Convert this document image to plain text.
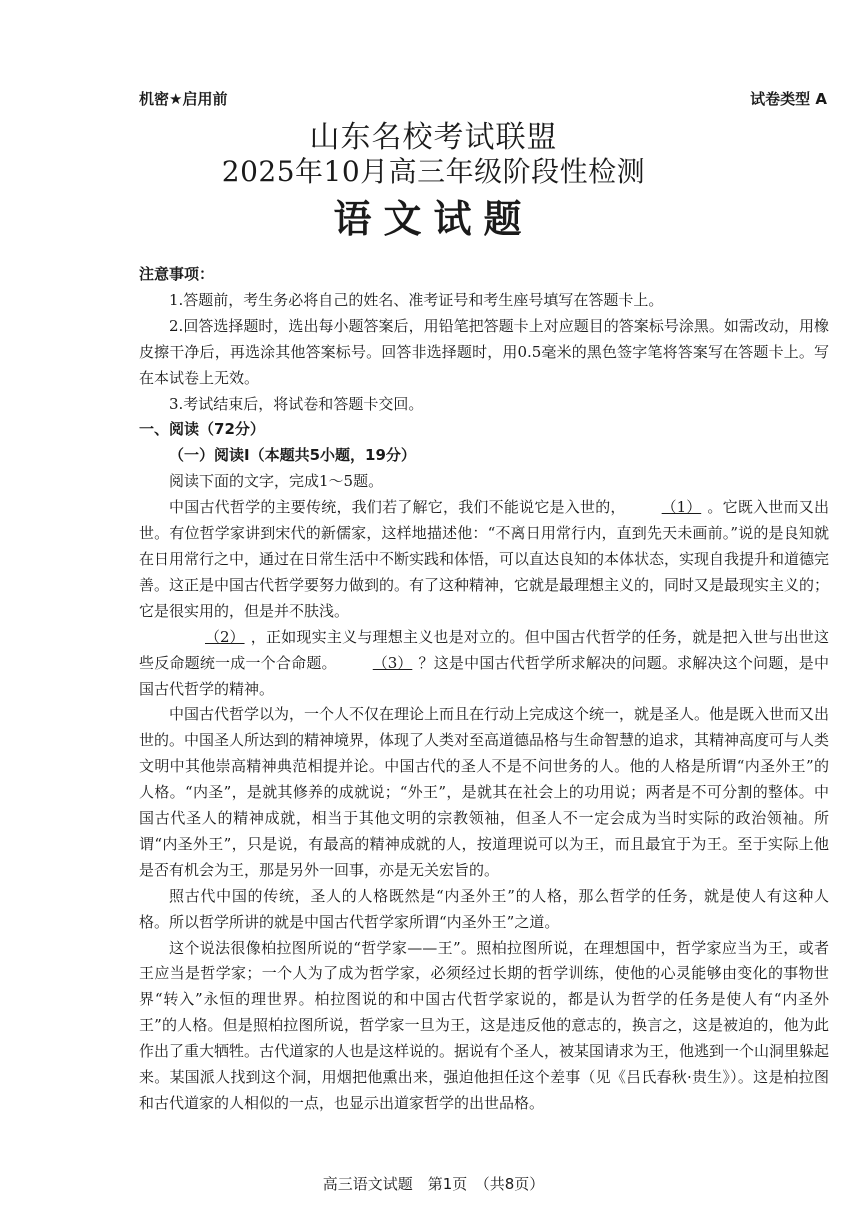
机密★启用前	试卷类型 A
山东名校考试联盟
2025年10月高三年级阶段性检测
语文试题

注意事项：

1.答题前，考生务必将自己的姓名、准考证号和考生座号填写在答题卡上。

2.回答选择题时，选出每小题答案后，用铅笔把答题卡上对应题目的答案标号涂黑。如需改动，用橡皮擦干净后，再选涂其他答案标号。回答非选择题时，用0.5毫米的黑色签字笔将答案写在答题卡上。写在本试卷上无效。

3.考试结束后，将试卷和答题卡交回。

一、阅读（72分）

（一）阅读Ⅰ（本题共5小题，19分）

阅读下面的文字，完成1～5题。

中国古代哲学的主要传统，我们若了解它，我们不能说它是入世的， （1） 。它既入世而又出世。有位哲学家讲到宋代的新儒家，这样地描述他：“不离日用常行内，直到先天未画前。”说的是良知就在日用常行之中，通过在日常生活中不断实践和体悟，可以直达良知的本体状态，实现自我提升和道德完善。这正是中国古代哲学要努力做到的。有了这种精神，它就是最理想主义的，同时又是最现实主义的；它是很实用的，但是并不肤浅。

（2） ，正如现实主义与理想主义也是对立的。但中国古代哲学的任务，就是把入世与出世这些反命题统一成一个合命题。 （3） ？这是中国古代哲学所求解决的问题。求解决这个问题，是中国古代哲学的精神。

中国古代哲学以为，一个人不仅在理论上而且在行动上完成这个统一，就是圣人。他是既入世而又出世的。中国圣人所达到的精神境界，体现了人类对至高道德品格与生命智慧的追求，其精神高度可与人类文明中其他崇高精神典范相提并论。中国古代的圣人不是不问世务的人。他的人格是所谓“内圣外王”的人格。“内圣”，是就其修养的成就说；“外王”，是就其在社会上的功用说；两者是不可分割的整体。中国古代圣人的精神成就，相当于其他文明的宗教领袖，但圣人不一定会成为当时实际的政治领袖。所谓“内圣外王”，只是说，有最高的精神成就的人，按道理说可以为王，而且最宜于为王。至于实际上他是否有机会为王，那是另外一回事，亦是无关宏旨的。

照古代中国的传统，圣人的人格既然是“内圣外王”的人格，那么哲学的任务，就是使人有这种人格。所以哲学所讲的就是中国古代哲学家所谓“内圣外王”之道。

这个说法很像柏拉图所说的“哲学家——王”。照柏拉图所说，在理想国中，哲学家应当为王，或者王应当是哲学家；一个人为了成为哲学家，必须经过长期的哲学训练，使他的心灵能够由变化的事物世界“转入”永恒的理世界。柏拉图说的和中国古代哲学家说的，都是认为哲学的任务是使人有“内圣外王”的人格。但是照柏拉图所说，哲学家一旦为王，这是违反他的意志的，换言之，这是被迫的，他为此作出了重大牺牲。古代道家的人也是这样说的。据说有个圣人，被某国请求为王，他逃到一个山洞里躲起来。某国派人找到这个洞，用烟把他熏出来，强迫他担任这个差事（见《吕氏春秋·贵生》）。这是柏拉图和古代道家的人相似的一点，也显示出道家哲学的出世品格。

高三语文试题　第1页　（共8页）
